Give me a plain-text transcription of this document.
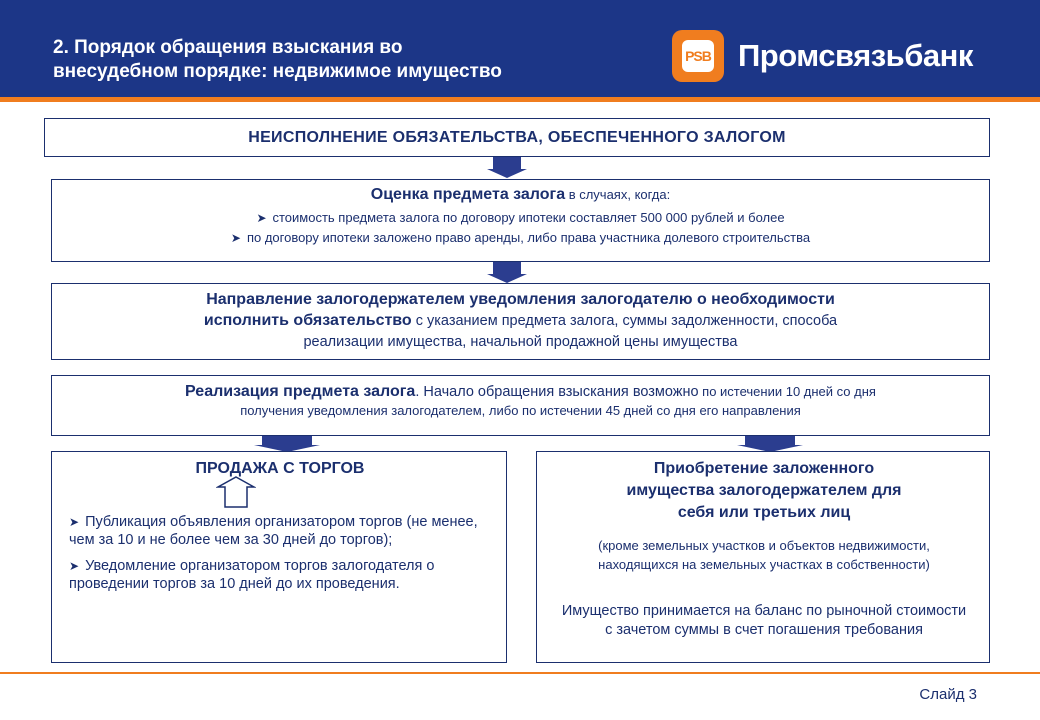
2. Порядок обращения взыскания во
внесудебном порядке: недвижимое имущество
PSB Промсвязьбанк
НЕИСПОЛНЕНИЕ ОБЯЗАТЕЛЬСТВА, ОБЕСПЕЧЕННОГО ЗАЛОГОМ
Оценка предмета залога в случаях, когда:
➤ стоимость предмета залога по договору ипотеки составляет 500 000 рублей и более
➤ по договору ипотеки заложено право аренды, либо права участника долевого строительства
Направление залогодержателем уведомления залогодателю о необходимости
исполнить обязательство с указанием предмета залога, суммы задолженности, способа
реализации имущества, начальной продажной цены имущества
Реализация предмета залога. Начало обращения взыскания возможно по истечении 10 дней со дня
получения уведомления залогодателем, либо по истечении 45 дней со дня его направления
ПРОДАЖА С ТОРГОВ
➤ Публикация объявления организатором торгов (не менее, чем за 10 и не более чем за 30 дней до торгов);
➤ Уведомление организатором торгов залогодателя о проведении торгов за 10 дней до их проведения.
Приобретение заложенного
имущества залогодержателем для
себя или третьих лиц
(кроме земельных участков и объектов недвижимости, находящихся на земельных участках в собственности)
Имущество принимается на баланс по рыночной стоимости с зачетом суммы в счет погашения требования
Слайд 3
